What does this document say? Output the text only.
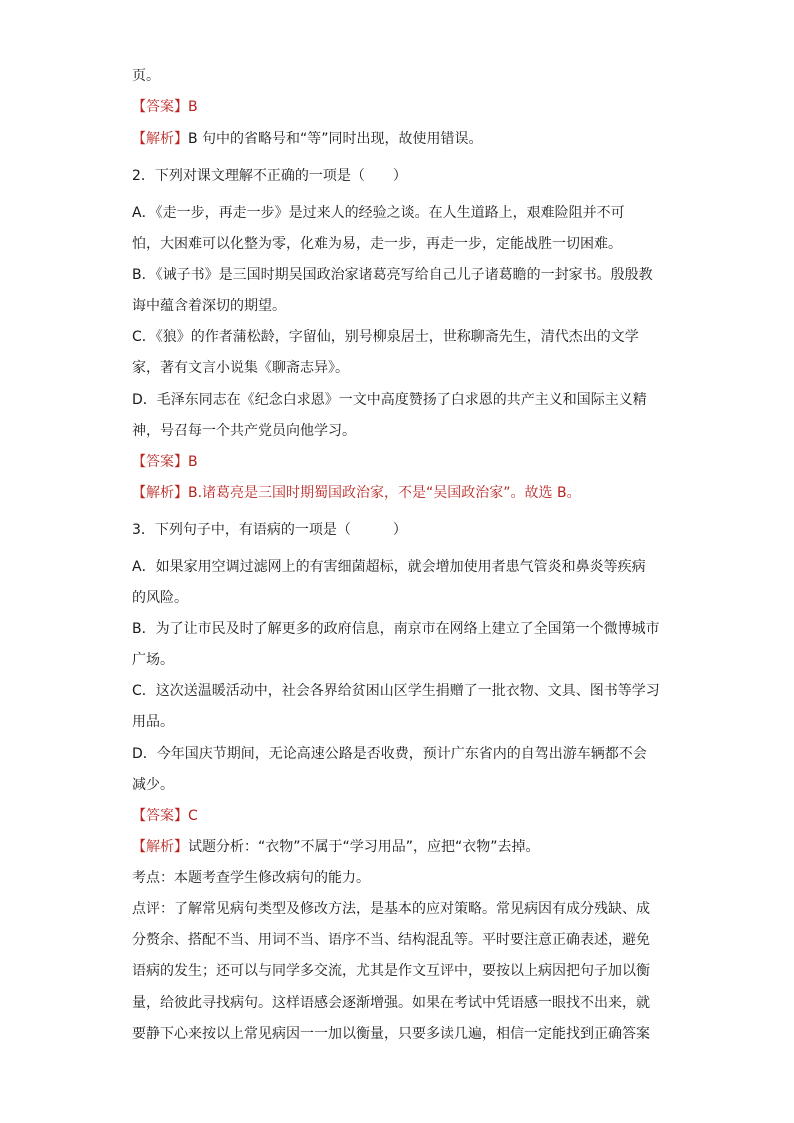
页。
【答案】B
【解析】B 句中的省略号和“等”同时出现，故使用错误。
2．下列对课文理解不正确的一项是（　　）
A．《走一步，再走一步》是过来人的经验之谈。在人生道路上，艰难险阻并不可
怕，大困难可以化整为零，化难为易，走一步，再走一步，定能战胜一切困难。
B．《诫子书》是三国时期吴国政治家诸葛亮写给自己儿子诸葛瞻的一封家书。殷殷教
诲中蕴含着深切的期望。
C．《狼》的作者蒲松龄，字留仙，别号柳泉居士，世称聊斋先生，清代杰出的文学
家，著有文言小说集《聊斋志异》。
D．毛泽东同志在《纪念白求恩》一文中高度赞扬了白求恩的共产主义和国际主义精
神，号召每一个共产党员向他学习。
【答案】B
【解析】B.诸葛亮是三国时期蜀国政治家，不是“吴国政治家”。故选 B。
3．下列句子中，有语病的一项是（　　　）
A．如果家用空调过滤网上的有害细菌超标，就会增加使用者患气管炎和鼻炎等疾病
的风险。
B．为了让市民及时了解更多的政府信息，南京市在网络上建立了全国第一个微博城市
广场。
C．这次送温暖活动中，社会各界给贫困山区学生捐赠了一批衣物、文具、图书等学习
用品。
D．今年国庆节期间，无论高速公路是否收费，预计广东省内的自驾出游车辆都不会
减少。
【答案】C
【解析】试题分析：“衣物”不属于“学习用品”，应把“衣物”去掉。
考点：本题考查学生修改病句的能力。
点评：了解常见病句类型及修改方法，是基本的应对策略。常见病因有成分残缺、成
分赘余、搭配不当、用词不当、语序不当、结构混乱等。平时要注意正确表述，避免
语病的发生；还可以与同学多交流，尤其是作文互评中，要按以上病因把句子加以衡
量，给彼此寻找病句。这样语感会逐渐增强。如果在考试中凭语感一眼找不出来，就
要静下心来按以上常见病因一一加以衡量，只要多读几遍，相信一定能找到正确答案
